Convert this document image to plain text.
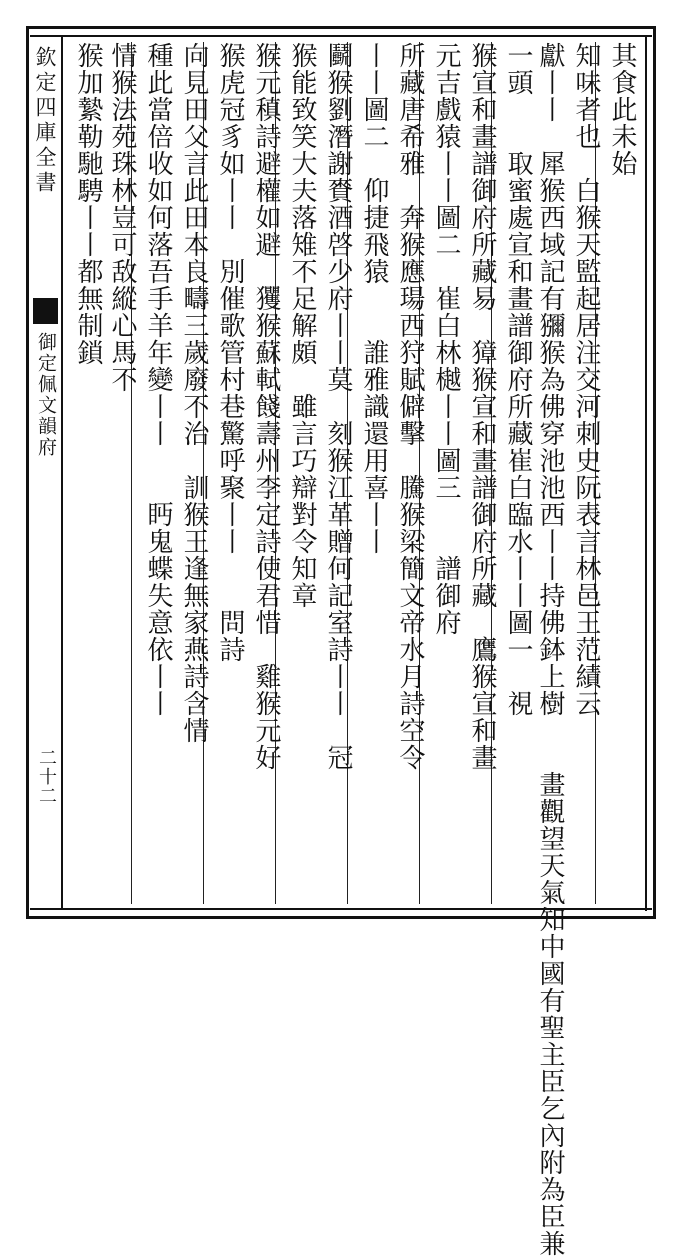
欽定四庫全書
御定佩文韻府
二十二
其食此未始
知味者也　白猴天監起居注交河刺史阮表言林邑王范績云
獻丨丨　犀猴西域記有獼猴為佛穿池池西丨丨持佛鉢上樹　　畫觀望天氣知中國有聖主臣乞內附為臣兼
一頭　　取蜜處宣和畫譜御府所藏崔白臨水丨丨圖一　視
猴宣和畫譜御府所藏易　獐猴宣和畫譜御府所藏　鷹猴宣和畫
元吉戲猿丨丨圖二　崔白林樾丨丨圖三　　譜御府
所藏唐希雅　奔猴應瑒西狩賦僻擊　騰猴梁簡文帝水月詩空令
丨丨圖二　仰捷飛猿　　誰雅識還用喜丨丨
鬬猴劉潛謝賚酒啓少府丨丨莫　刻猴江革贈何記室詩丨丨　冠
猴能致笑大夫落雉不足解頗　雖言巧辯對令知章
猴元稹詩避權如避　玃猴蘇軾餞壽州李定詩使君惜　雞猴元好
猴虎冠豸如丨丨　別催歌管村巷驚呼聚丨丨　　問詩
向見田父言此田本良疇三歲廢不治　訓猴王逢無家燕詩含情
種此當倍收如何落吾手羊年變丨丨　　眄鬼蝶失意依丨丨
情猴法苑珠林豈可敌縱心馬不
猴加縶勒馳騁丨丨都無制鎖
